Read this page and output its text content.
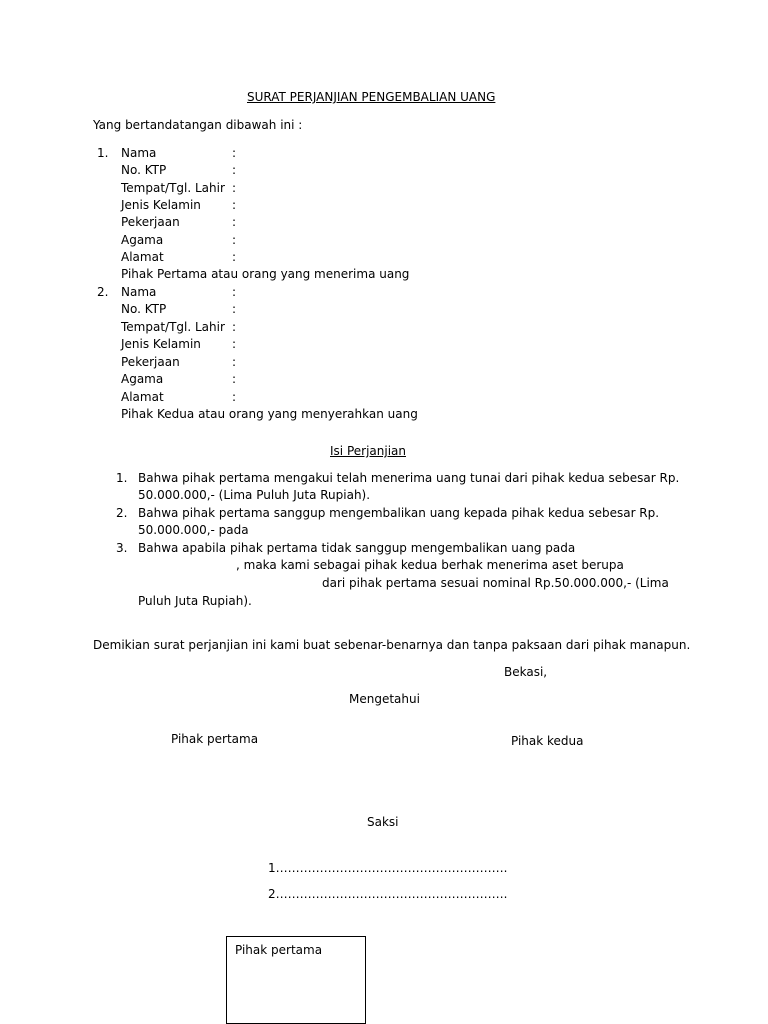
SURAT PERJANJIAN PENGEMBALIAN UANG
Yang bertandatangan dibawah ini :
1. Nama	:
No. KTP	:
Tempat/Tgl. Lahir :
Jenis Kelamin	:
Pekerjaan	:
Agama	:
Alamat	:
Pihak Pertama atau orang yang menerima uang
2. Nama	:
No. KTP	:
Tempat/Tgl. Lahir :
Jenis Kelamin	:
Pekerjaan	:
Agama	:
Alamat	:
Pihak Kedua atau orang yang menyerahkan uang
Isi Perjanjian
1. Bahwa pihak pertama mengakui telah menerima uang tunai dari pihak kedua sebesar Rp.
50.000.000,- (Lima Puluh Juta Rupiah).
2. Bahwa pihak pertama sanggup mengembalikan uang kepada pihak kedua sebesar Rp.
50.000.000,- pada
3. Bahwa apabila pihak pertama tidak sanggup mengembalikan uang pada
, maka kami sebagai pihak kedua berhak menerima aset berupa
dari pihak pertama sesuai nominal Rp.50.000.000,- (Lima
Puluh Juta Rupiah).
Demikian surat perjanjian ini kami buat sebenar-benarnya dan tanpa paksaan dari pihak manapun.
Bekasi,
Mengetahui
Pihak pertama	Pihak kedua
Saksi
1………………………………………………….
2………………………………………………….
Pihak pertama
